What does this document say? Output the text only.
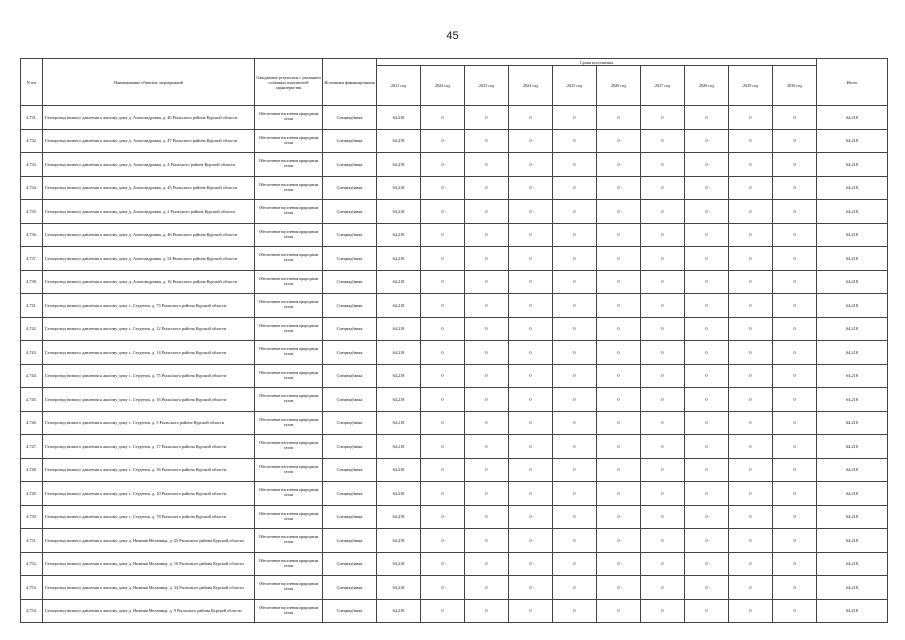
45
N п/п	Наименование объектов, мероприятий	Ожидаемые результаты с указанием основных показателей характеристик	Источники финансирования	Сроки исполнения										Итого
				2021 год	2022 год	2023 год	2024 год	2025 год	2026 год	2027 год	2028 год	2029 год	2030 год	
4.731.	Газопровод низкого давления к жилому дому д. Александровка, д. 40 Рыльского района Курской области	Обеспечение населения природным газом	Спецнадбавка	64,218	0	0	0	0	0	0	0	0	0	64,218
4.732.	Газопровод низкого давления к жилому дому д. Александровка, д. 47 Рыльского района Курской области	Обеспечение населения природным газом	Спецнадбавка	64,218	0	0	0	0	0	0	0	0	0	64,218
4.733.	Газопровод низкого давления к жилому дому д. Александровка, д. 4 Рыльского района Курской области	Обеспечение населения природным газом	Спецнадбавка	64,218	0	0	0	0	0	0	0	0	0	64,218
4.734.	Газопровод низкого давления к жилому дому д. Александровка, д. 43 Рыльского района Курской области	Обеспечение населения природным газом	Спецнадбавка	64,218	0	0	0	0	0	0	0	0	0	64,218
4.735.	Газопровод низкого давления к жилому дому д. Александровка, д. 2 Рыльского района Курской области	Обеспечение населения природным газом	Спецнадбавка	64,218	0	0	0	0	0	0	0	0	0	64,218
4.736.	Газопровод низкого давления к жилому дому д. Александровка, д. 46 Рыльского района Курской области	Обеспечение населения природным газом	Спецнадбавка	64,218	0	0	0	0	0	0	0	0	0	64,218
4.737.	Газопровод низкого давления к жилому дому д. Александровка, д. 54 Рыльского района Курской области	Обеспечение населения природным газом	Спецнадбавка	64,218	0	0	0	0	0	0	0	0	0	64,218
4.738.	Газопровод низкого давления к жилому дому д. Александровка, д. 16 Рыльского района Курской области	Обеспечение населения природным газом	Спецнадбавка	64,218	0	0	0	0	0	0	0	0	0	64,218
4.741.	Газопровод низкого давления к жилому дому с. Студенок, д. 73 Рыльского района Курской области	Обеспечение населения природным газом	Спецнадбавка	64,218	0	0	0	0	0	0	0	0	0	64,218
4.742.	Газопровод низкого давления к жилому дому с. Студенок, д. 12 Рыльского района Курской области	Обеспечение населения природным газом	Спецнадбавка	64,218	0	0	0	0	0	0	0	0	0	64,218
4.743.	Газопровод низкого давления к жилому дому с. Студенок, д. 14 Рыльского района Курской области	Обеспечение населения природным газом	Спецнадбавка	64,218	0	0	0	0	0	0	0	0	0	64,218
4.744.	Газопровод низкого давления к жилому дому с. Студенок, д. 75 Рыльского района Курской области	Обеспечение населения природным газом	Спецнадбавка	64,218	0	0	0	0	0	0	0	0	0	64,218
4.745.	Газопровод низкого давления к жилому дому с. Студенок, д. 16 Рыльского района Курской области	Обеспечение населения природным газом	Спецнадбавка	64,218	0	0	0	0	0	0	0	0	0	64,218
4.746.	Газопровод низкого давления к жилому дому с. Студенок, д. 5 Рыльского района Курской области	Обеспечение населения природным газом	Спецнадбавка	64,218	0	0	0	0	0	0	0	0	0	64,218
4.747.	Газопровод низкого давления к жилому дому с. Студенок, д. 17 Рыльского района Курской области	Обеспечение населения природным газом	Спецнадбавка	64,218	0	0	0	0	0	0	0	0	0	64,218
4.748.	Газопровод низкого давления к жилому дому с. Студенок, д. 56 Рыльского района Курской области	Обеспечение населения природным газом	Спецнадбавка	64,218	0	0	0	0	0	0	0	0	0	64,218
4.749.	Газопровод низкого давления к жилому дому с. Студенок, д. 10 Рыльского района Курской области	Обеспечение населения природным газом	Спецнадбавка	64,218	0	0	0	0	0	0	0	0	0	64,218
4.750.	Газопровод низкого давления к жилому дому с. Студенок, д. 78 Рыльского района Курской области	Обеспечение населения природным газом	Спецнадбавка	64,218	0	0	0	0	0	0	0	0	0	64,218
4.751.	Газопровод низкого давления к жилому дому д. Нижняя Мельница, д. 25 Рыльского района Курской области	Обеспечение населения природным газом	Спецнадбавка	64,218	0	0	0	0	0	0	0	0	0	64,218
4.752.	Газопровод низкого давления к жилому дому д. Нижняя Мельница, д. 10 Рыльского района Курской области	Обеспечение населения природным газом	Спецнадбавка	64,218	0	0	0	0	0	0	0	0	0	64,218
4.753.	Газопровод низкого давления к жилому дому д. Нижняя Мельница, д. 34 Рыльского района Курской области	Обеспечение населения природным газом	Спецнадбавка	64,218	0	0	0	0	0	0	0	0	0	64,218
4.754.	Газопровод низкого давления к жилому дому д. Нижняя Мельница, д. 9 Рыльского района Курской области	Обеспечение населения природным газом	Спецнадбавка	64,218	0	0	0	0	0	0	0	0	0	64,218
